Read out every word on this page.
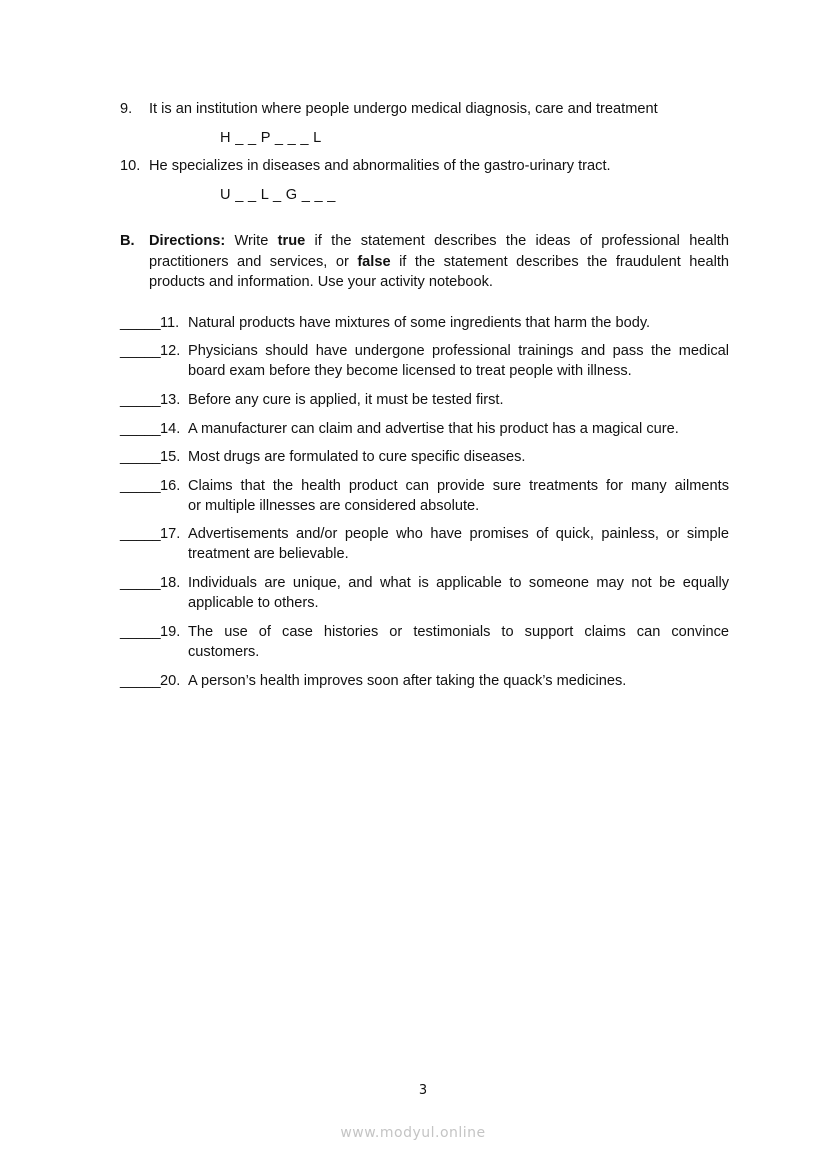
9. It is an institution where people undergo medical diagnosis, care and treatment
H _ _ P _ _ _ L
10. He specializes in diseases and abnormalities of the gastro-urinary tract.
U _ _ L _ G _ _ _
B. Directions: Write true if the statement describes the ideas of professional health practitioners and services, or false if the statement describes the fraudulent health products and information. Use your activity notebook.
_____ 11. Natural products have mixtures of some ingredients that harm the body.
_____ 12. Physicians should have undergone professional trainings and pass the medical
board exam before they become licensed to treat people with illness.
_____ 13. Before any cure is applied, it must be tested first.
_____ 14. A manufacturer can claim and advertise that his product has a magical cure.
_____ 15. Most drugs are formulated to cure specific diseases.
_____ 16. Claims that the health product can provide sure treatments for many ailments
or multiple illnesses are considered absolute.
_____ 17. Advertisements and/or people who have promises of quick, painless, or simple
treatment are believable.
_____ 18. Individuals are unique, and what is applicable to someone may not be equally
applicable to others.
_____ 19. The use of case histories or testimonials to support claims can convince
customers.
_____ 20. A person’s health improves soon after taking the quack’s medicines.
3
www.modyul.online
